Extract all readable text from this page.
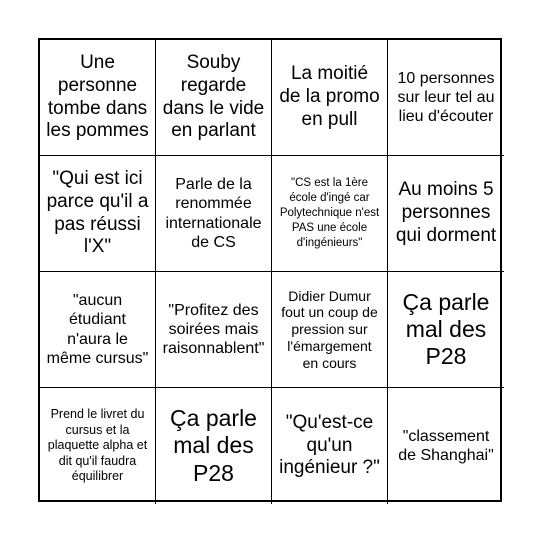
Une personne tombe dans les pommes
Souby regarde dans le vide en parlant
La moitié de la promo en pull
10 personnes sur leur tel au lieu d'écouter
"Qui est ici parce qu'il a pas réussi l'X"
Parle de la renommée internationale de CS
"CS est la 1ère école d'ingé car Polytechnique n'est PAS une école d'ingénieurs"
Au moins 5 personnes qui dorment
"aucun étudiant n'aura le même cursus"
"Profitez des soirées mais raisonnablent"
Didier Dumur fout un coup de pression sur l'émargement en cours
Ça parle mal des P28
Prend le livret du cursus et la plaquette alpha et dit qu'il faudra équilibrer
Ça parle mal des P28
"Qu'est-ce qu'un ingénieur ?"
"classement de Shanghai"
